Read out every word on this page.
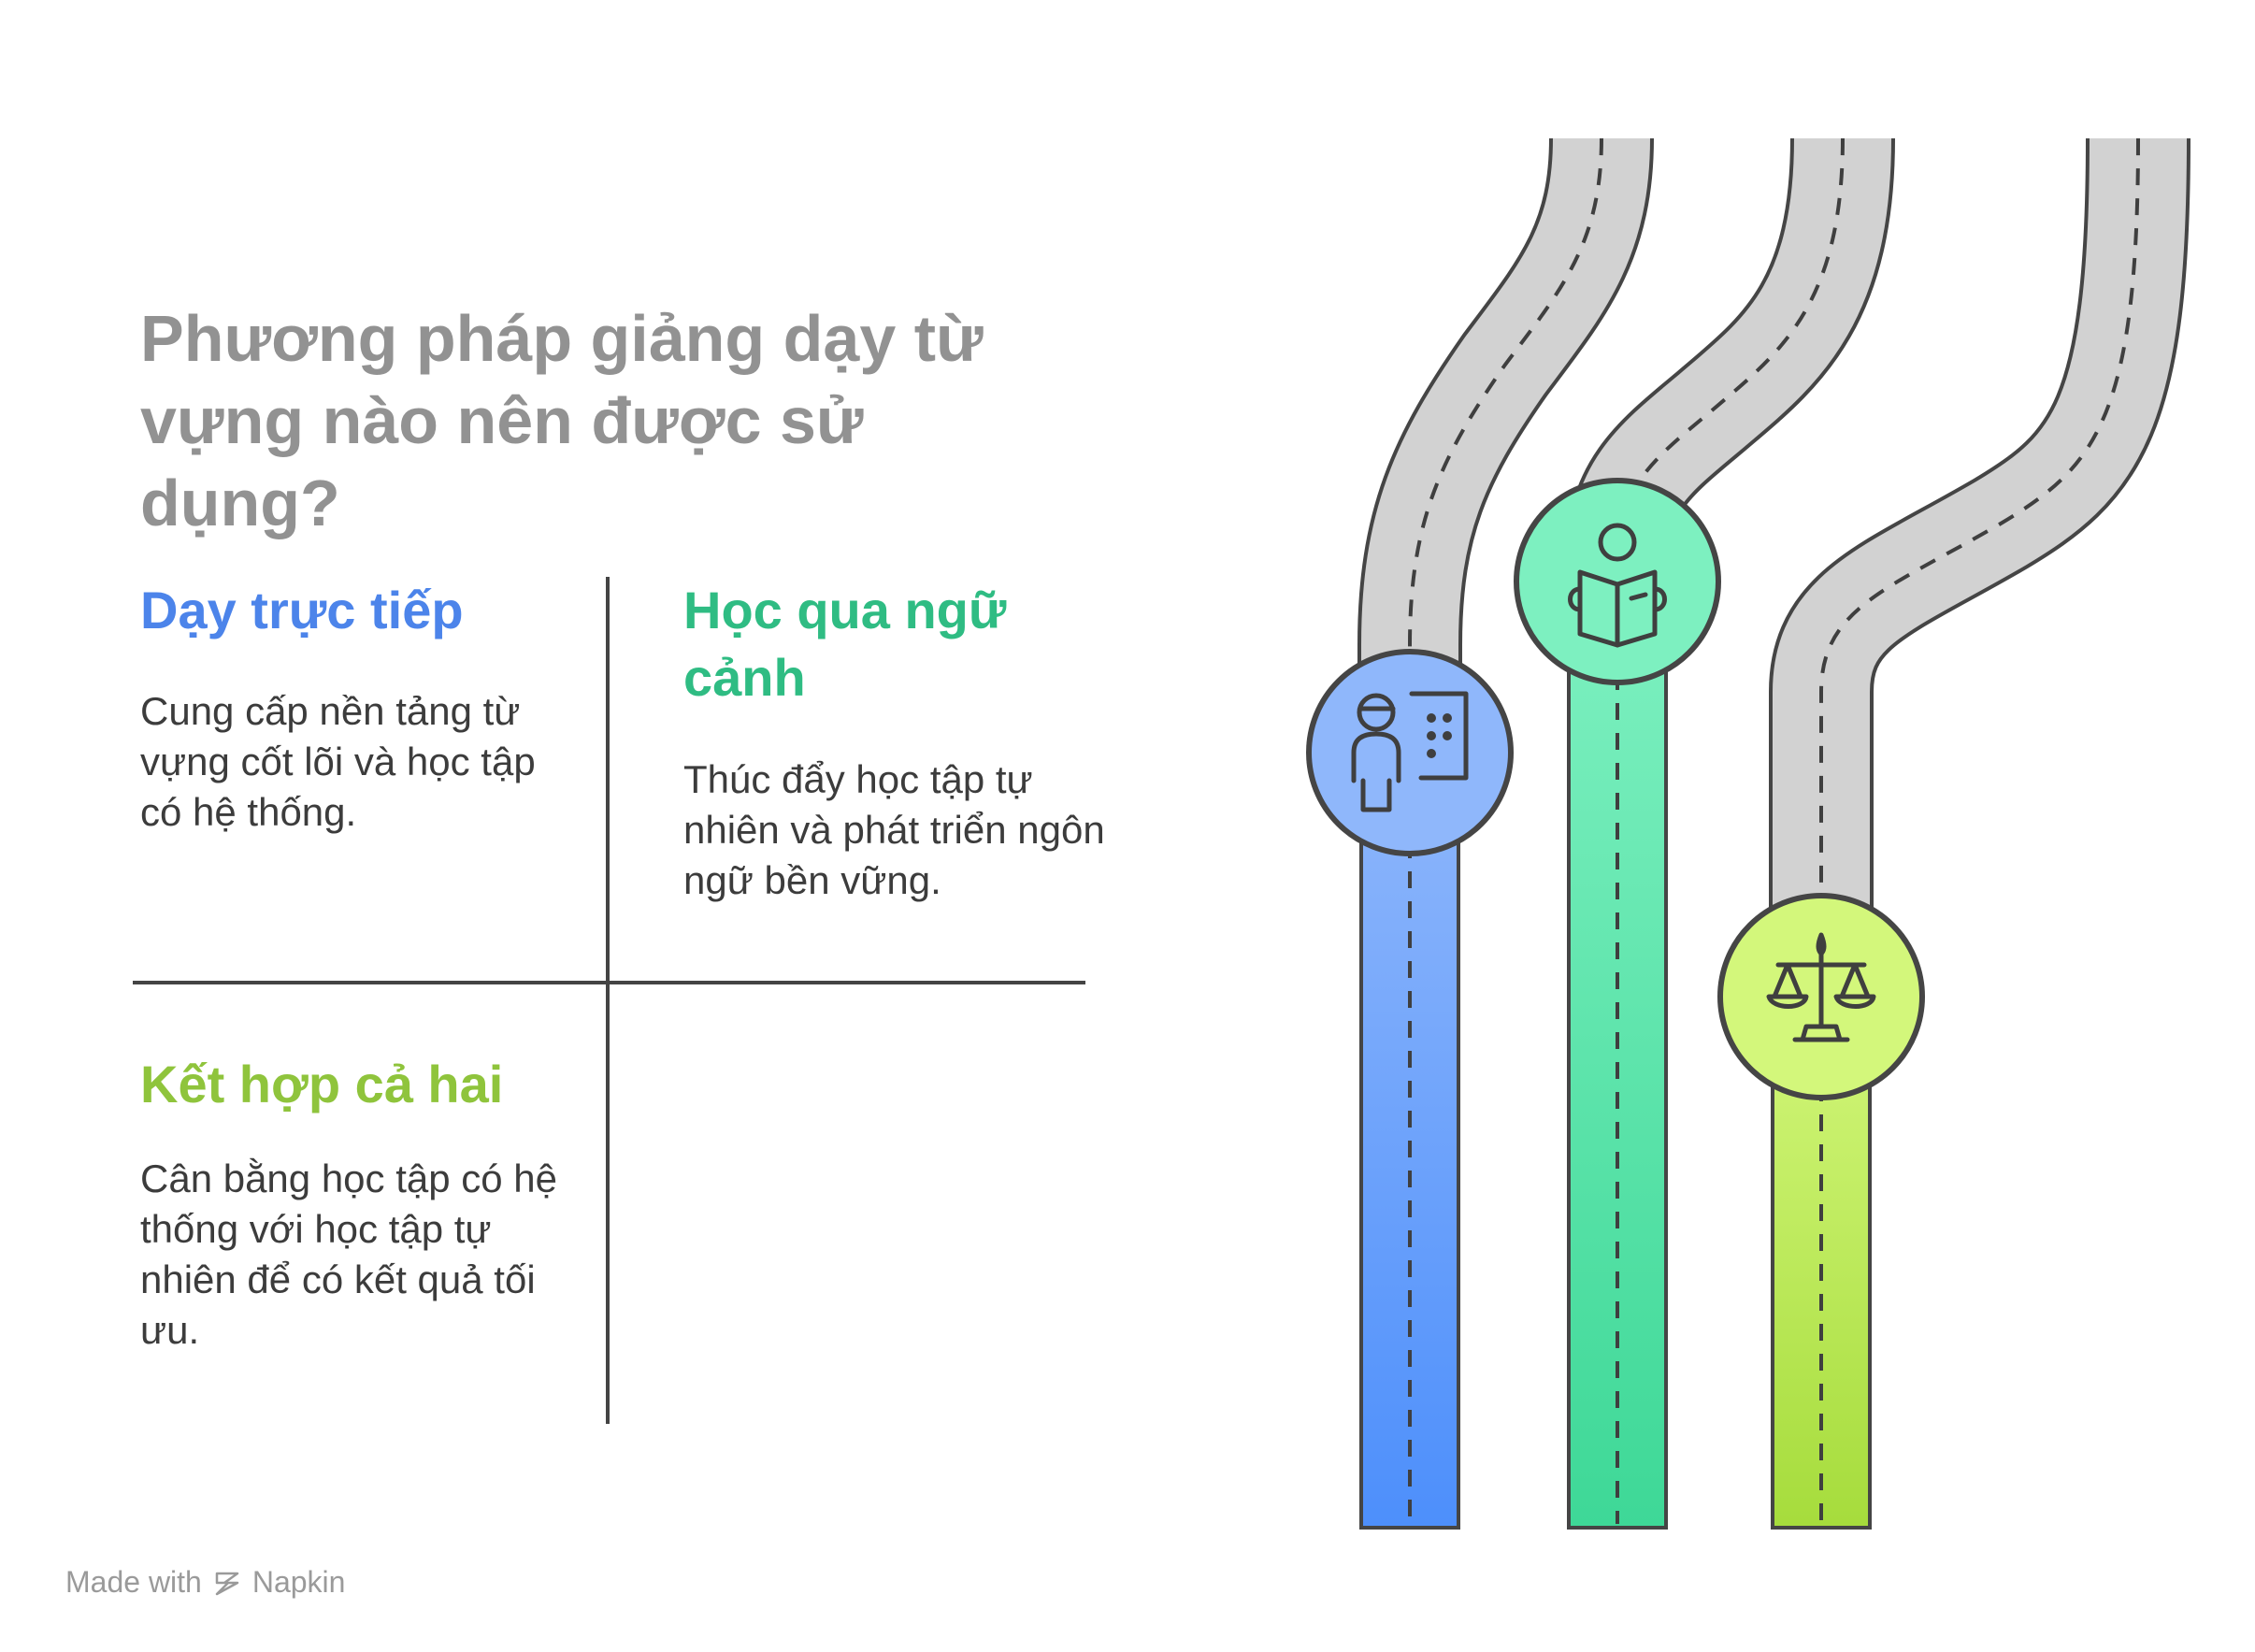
Phương pháp giảng dạy từ vựng nào nên được sử dụng?
Dạy trực tiếp

Cung cấp nền tảng từ vựng cốt lõi và học tập có hệ thống.

Học qua ngữ cảnh

Thúc đẩy học tập tự nhiên và phát triển ngôn ngữ bền vững.

Kết hợp cả hai

Cân bằng học tập có hệ thống với học tập tự nhiên để có kết quả tối ưu.

Made with Napkin
